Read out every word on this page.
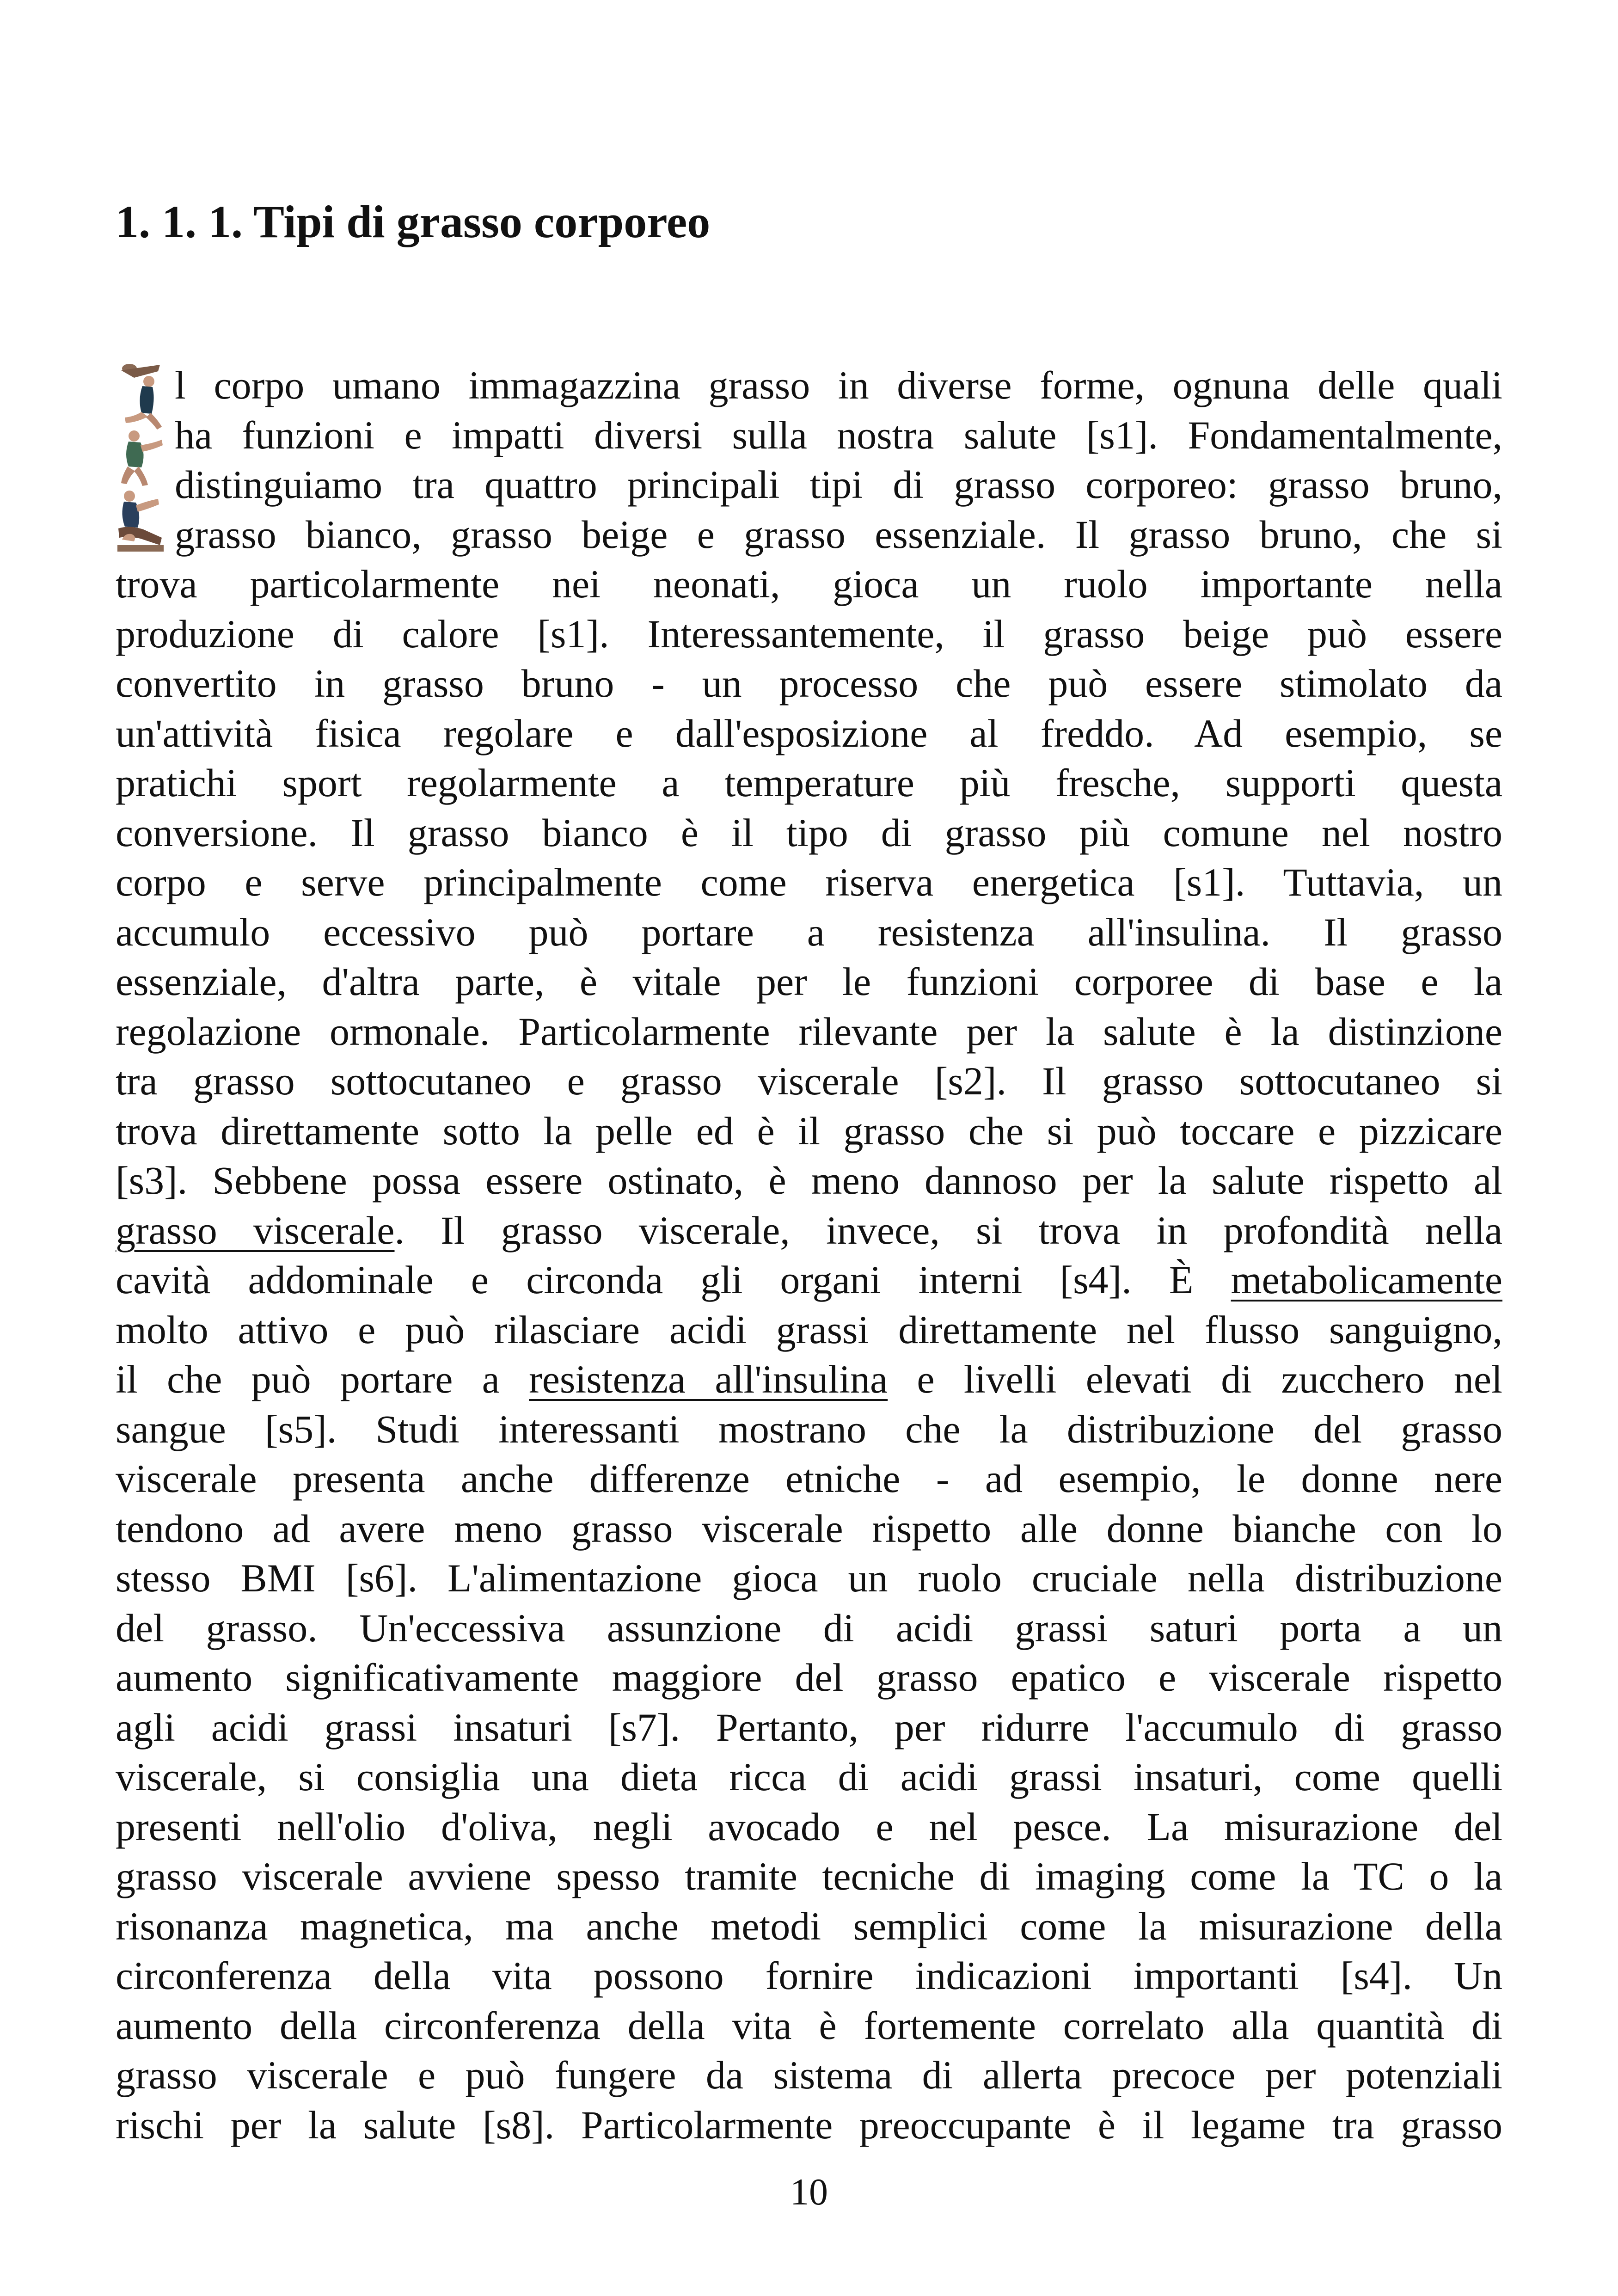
1. 1. 1. Tipi di grasso corporeo
l corpo umano immagazzina grasso in diverse forme, ognuna delle quali
ha funzioni e impatti diversi sulla nostra salute [s1]. Fondamentalmente,
distinguiamo tra quattro principali tipi di grasso corporeo: grasso bruno,
grasso bianco, grasso beige e grasso essenziale. Il grasso bruno, che si
trova particolarmente nei neonati, gioca un ruolo importante nella
produzione di calore [s1]. Interessantemente, il grasso beige può essere
convertito in grasso bruno - un processo che può essere stimolato da
un'attività fisica regolare e dall'esposizione al freddo. Ad esempio, se
pratichi sport regolarmente a temperature più fresche, supporti questa
conversione. Il grasso bianco è il tipo di grasso più comune nel nostro
corpo e serve principalmente come riserva energetica [s1]. Tuttavia, un
accumulo eccessivo può portare a resistenza all'insulina. Il grasso
essenziale, d'altra parte, è vitale per le funzioni corporee di base e la
regolazione ormonale. Particolarmente rilevante per la salute è la distinzione
tra grasso sottocutaneo e grasso viscerale [s2]. Il grasso sottocutaneo si
trova direttamente sotto la pelle ed è il grasso che si può toccare e pizzicare
[s3]. Sebbene possa essere ostinato, è meno dannoso per la salute rispetto al
grasso viscerale. Il grasso viscerale, invece, si trova in profondità nella
cavità addominale e circonda gli organi interni [s4]. È metabolicamente
molto attivo e può rilasciare acidi grassi direttamente nel flusso sanguigno,
il che può portare a resistenza all'insulina e livelli elevati di zucchero nel
sangue [s5]. Studi interessanti mostrano che la distribuzione del grasso
viscerale presenta anche differenze etniche - ad esempio, le donne nere
tendono ad avere meno grasso viscerale rispetto alle donne bianche con lo
stesso BMI [s6]. L'alimentazione gioca un ruolo cruciale nella distribuzione
del grasso. Un'eccessiva assunzione di acidi grassi saturi porta a un
aumento significativamente maggiore del grasso epatico e viscerale rispetto
agli acidi grassi insaturi [s7]. Pertanto, per ridurre l'accumulo di grasso
viscerale, si consiglia una dieta ricca di acidi grassi insaturi, come quelli
presenti nell'olio d'oliva, negli avocado e nel pesce. La misurazione del
grasso viscerale avviene spesso tramite tecniche di imaging come la TC o la
risonanza magnetica, ma anche metodi semplici come la misurazione della
circonferenza della vita possono fornire indicazioni importanti [s4]. Un
aumento della circonferenza della vita è fortemente correlato alla quantità di
grasso viscerale e può fungere da sistema di allerta precoce per potenziali
rischi per la salute [s8]. Particolarmente preoccupante è il legame tra grasso
10
